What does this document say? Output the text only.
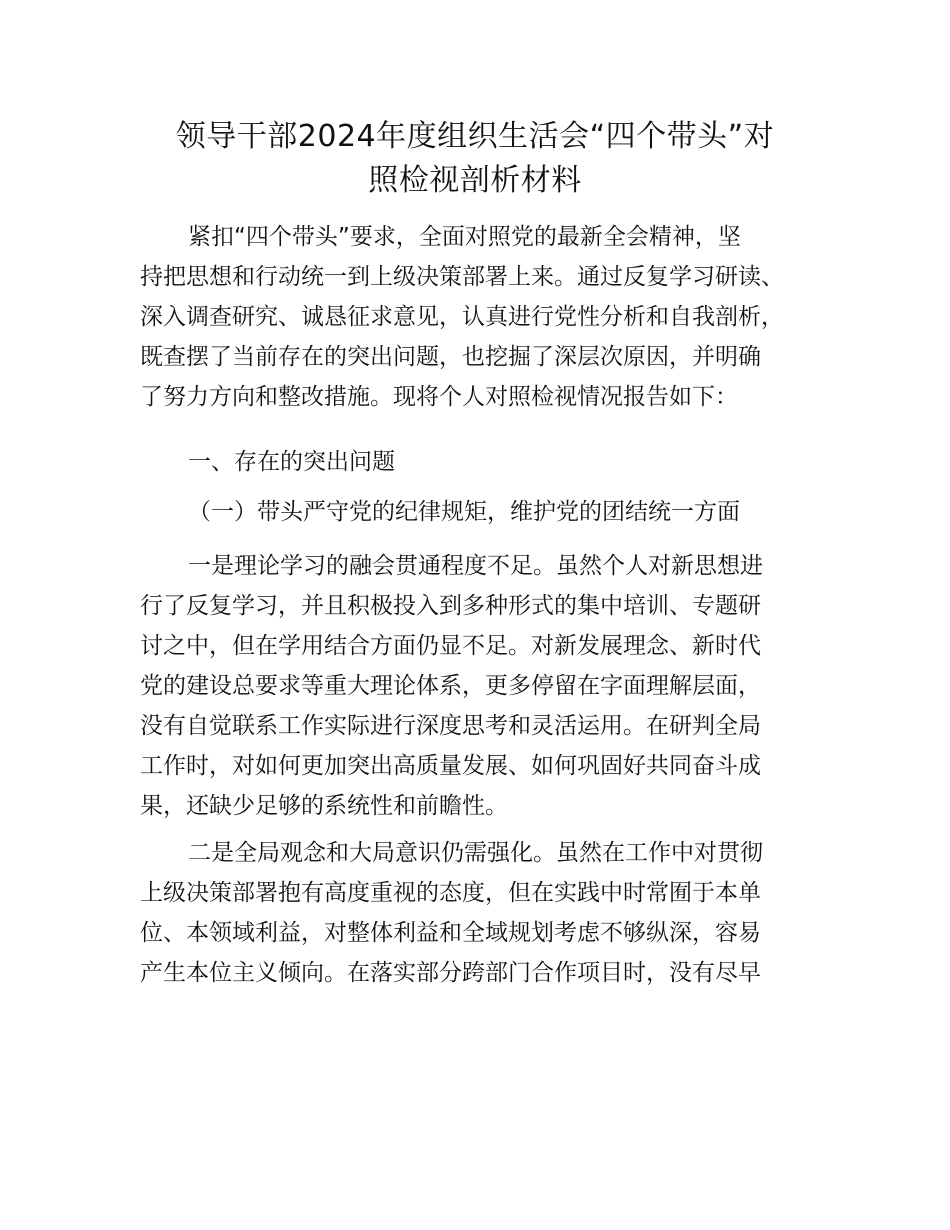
领导干部2024年度组织生活会“四个带头”对
照检视剖析材料
紧扣“四个带头”要求，全面对照党的最新全会精神，坚
持把思想和行动统一到上级决策部署上来。通过反复学习研读、
深入调查研究、诚恳征求意见，认真进行党性分析和自我剖析，
既查摆了当前存在的突出问题，也挖掘了深层次原因，并明确
了努力方向和整改措施。现将个人对照检视情况报告如下：
一、存在的突出问题
（一）带头严守党的纪律规矩，维护党的团结统一方面
一是理论学习的融会贯通程度不足。虽然个人对新思想进
行了反复学习，并且积极投入到多种形式的集中培训、专题研
讨之中，但在学用结合方面仍显不足。对新发展理念、新时代
党的建设总要求等重大理论体系，更多停留在字面理解层面，
没有自觉联系工作实际进行深度思考和灵活运用。在研判全局
工作时，对如何更加突出高质量发展、如何巩固好共同奋斗成
果，还缺少足够的系统性和前瞻性。
二是全局观念和大局意识仍需强化。虽然在工作中对贯彻
上级决策部署抱有高度重视的态度，但在实践中时常囿于本单
位、本领域利益，对整体利益和全域规划考虑不够纵深，容易
产生本位主义倾向。在落实部分跨部门合作项目时，没有尽早
